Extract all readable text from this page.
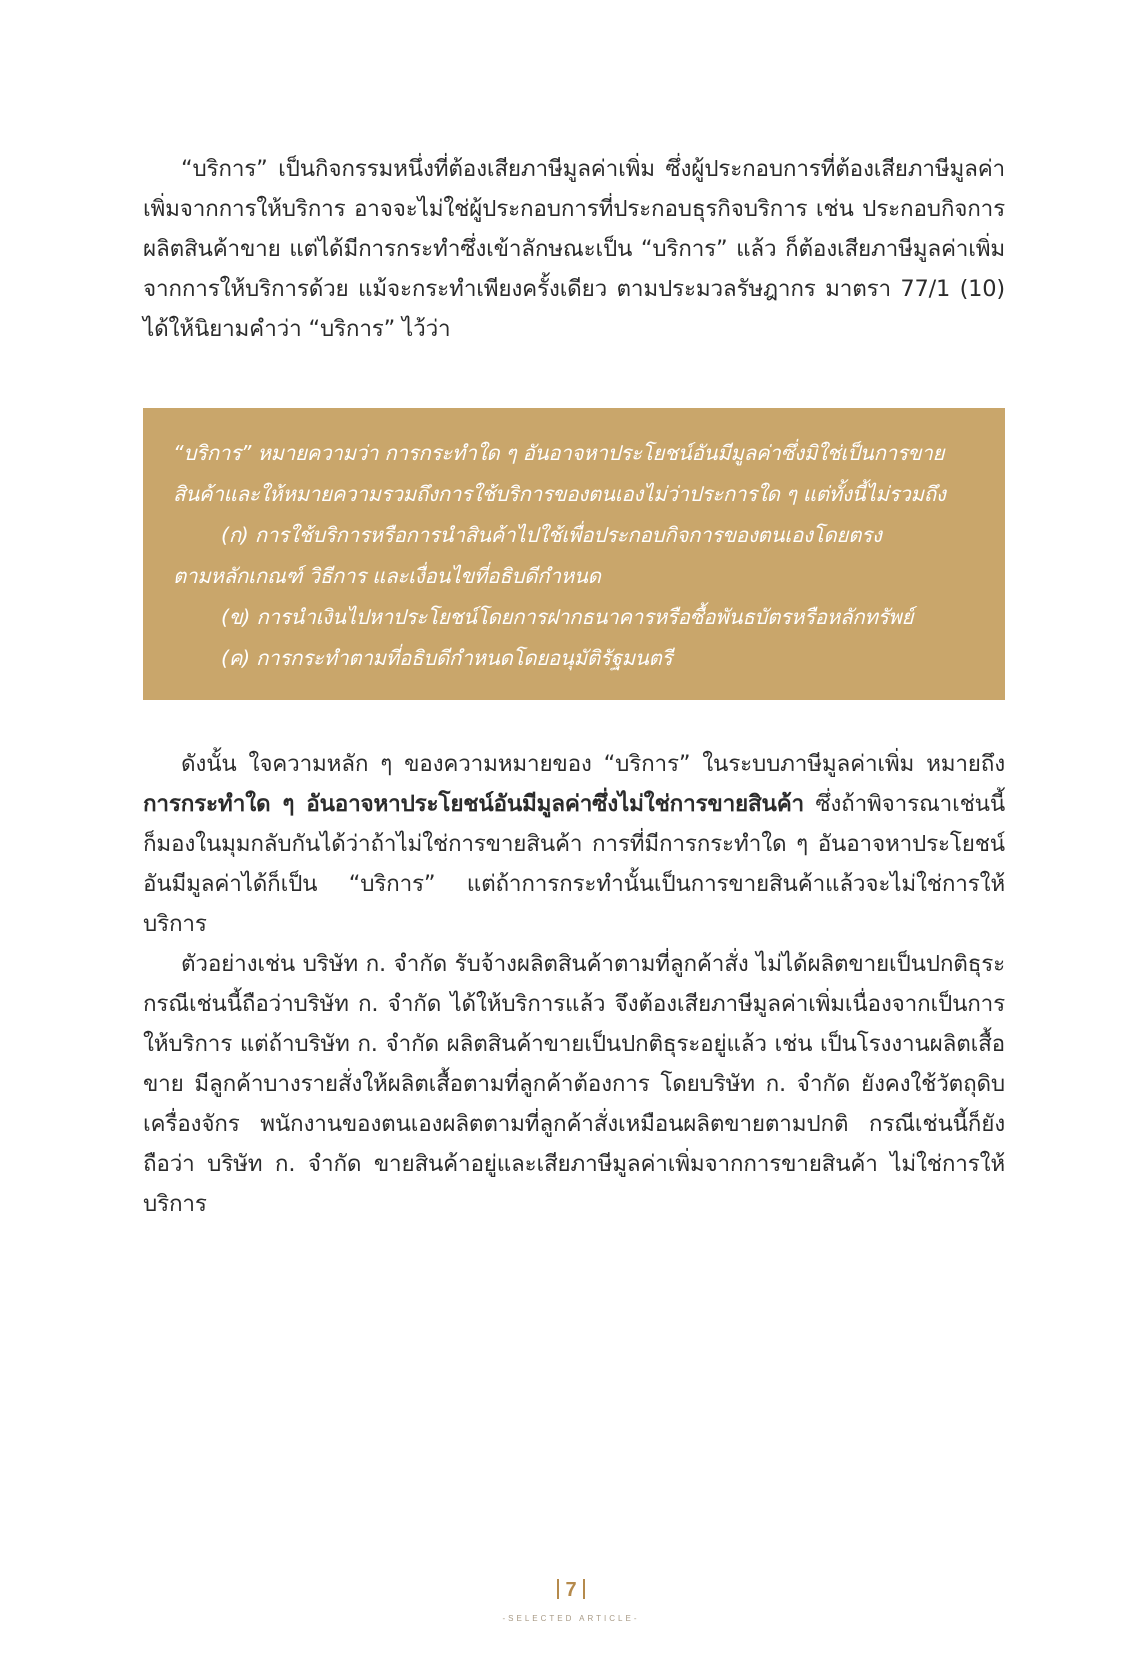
“บริการ” เป็นกิจกรรมหนึ่งที่ต้องเสียภาษีมูลค่าเพิ่ม ซึ่งผู้ประกอบการที่ต้องเสียภาษีมูลค่าเพิ่มจากการให้บริการ อาจจะไม่ใช่ผู้ประกอบการที่ประกอบธุรกิจบริการ เช่น ประกอบกิจการผลิตสินค้าขาย แต่ได้มีการกระทำซึ่งเข้าลักษณะเป็น “บริการ” แล้ว ก็ต้องเสียภาษีมูลค่าเพิ่มจากการให้บริการด้วย แม้จะกระทำเพียงครั้งเดียว ตามประมวลรัษฎากร มาตรา 77/1 (10) ได้ให้นิยามคำว่า “บริการ” ไว้ว่า

“บริการ” หมายความว่า การกระทำใด ๆ อันอาจหาประโยชน์อันมีมูลค่าซึ่งมิใช่เป็นการขาย
สินค้าและให้หมายความรวมถึงการใช้บริการของตนเองไม่ว่าประการใด ๆ แต่ทั้งนี้ไม่รวมถึง
(ก) การใช้บริการหรือการนำสินค้าไปใช้เพื่อประกอบกิจการของตนเองโดยตรง
ตามหลักเกณฑ์ วิธีการ และเงื่อนไขที่อธิบดีกำหนด
(ข) การนำเงินไปหาประโยชน์โดยการฝากธนาคารหรือซื้อพันธบัตรหรือหลักทรัพย์
(ค) การกระทำตามที่อธิบดีกำหนดโดยอนุมัติรัฐมนตรี

ดังนั้น ใจความหลัก ๆ ของความหมายของ “บริการ” ในระบบภาษีมูลค่าเพิ่ม หมายถึง การกระทำใด ๆ อันอาจหาประโยชน์อันมีมูลค่าซึ่งไม่ใช่การขายสินค้า ซึ่งถ้าพิจารณาเช่นนี้ ก็มองในมุมกลับกันได้ว่าถ้าไม่ใช่การขายสินค้า การที่มีการกระทำใด ๆ อันอาจหาประโยชน์อันมีมูลค่าได้ก็เป็น “บริการ” แต่ถ้าการกระทำนั้นเป็นการขายสินค้าแล้วจะไม่ใช่การให้บริการ

ตัวอย่างเช่น บริษัท ก. จำกัด รับจ้างผลิตสินค้าตามที่ลูกค้าสั่ง ไม่ได้ผลิตขายเป็นปกติธุระ กรณีเช่นนี้ถือว่าบริษัท ก. จำกัด ได้ให้บริการแล้ว จึงต้องเสียภาษีมูลค่าเพิ่มเนื่องจากเป็นการให้บริการ แต่ถ้าบริษัท ก. จำกัด ผลิตสินค้าขายเป็นปกติธุระอยู่แล้ว เช่น เป็นโรงงานผลิตเสื้อขาย มีลูกค้าบางรายสั่งให้ผลิตเสื้อตามที่ลูกค้าต้องการ โดยบริษัท ก. จำกัด ยังคงใช้วัตถุดิบ เครื่องจักร พนักงานของตนเองผลิตตามที่ลูกค้าสั่งเหมือนผลิตขายตามปกติ กรณีเช่นนี้ก็ยังถือว่า บริษัท ก. จำกัด ขายสินค้าอยู่และเสียภาษีมูลค่าเพิ่มจากการขายสินค้า ไม่ใช่การให้บริการ

7
-SELECTED ARTICLE-
